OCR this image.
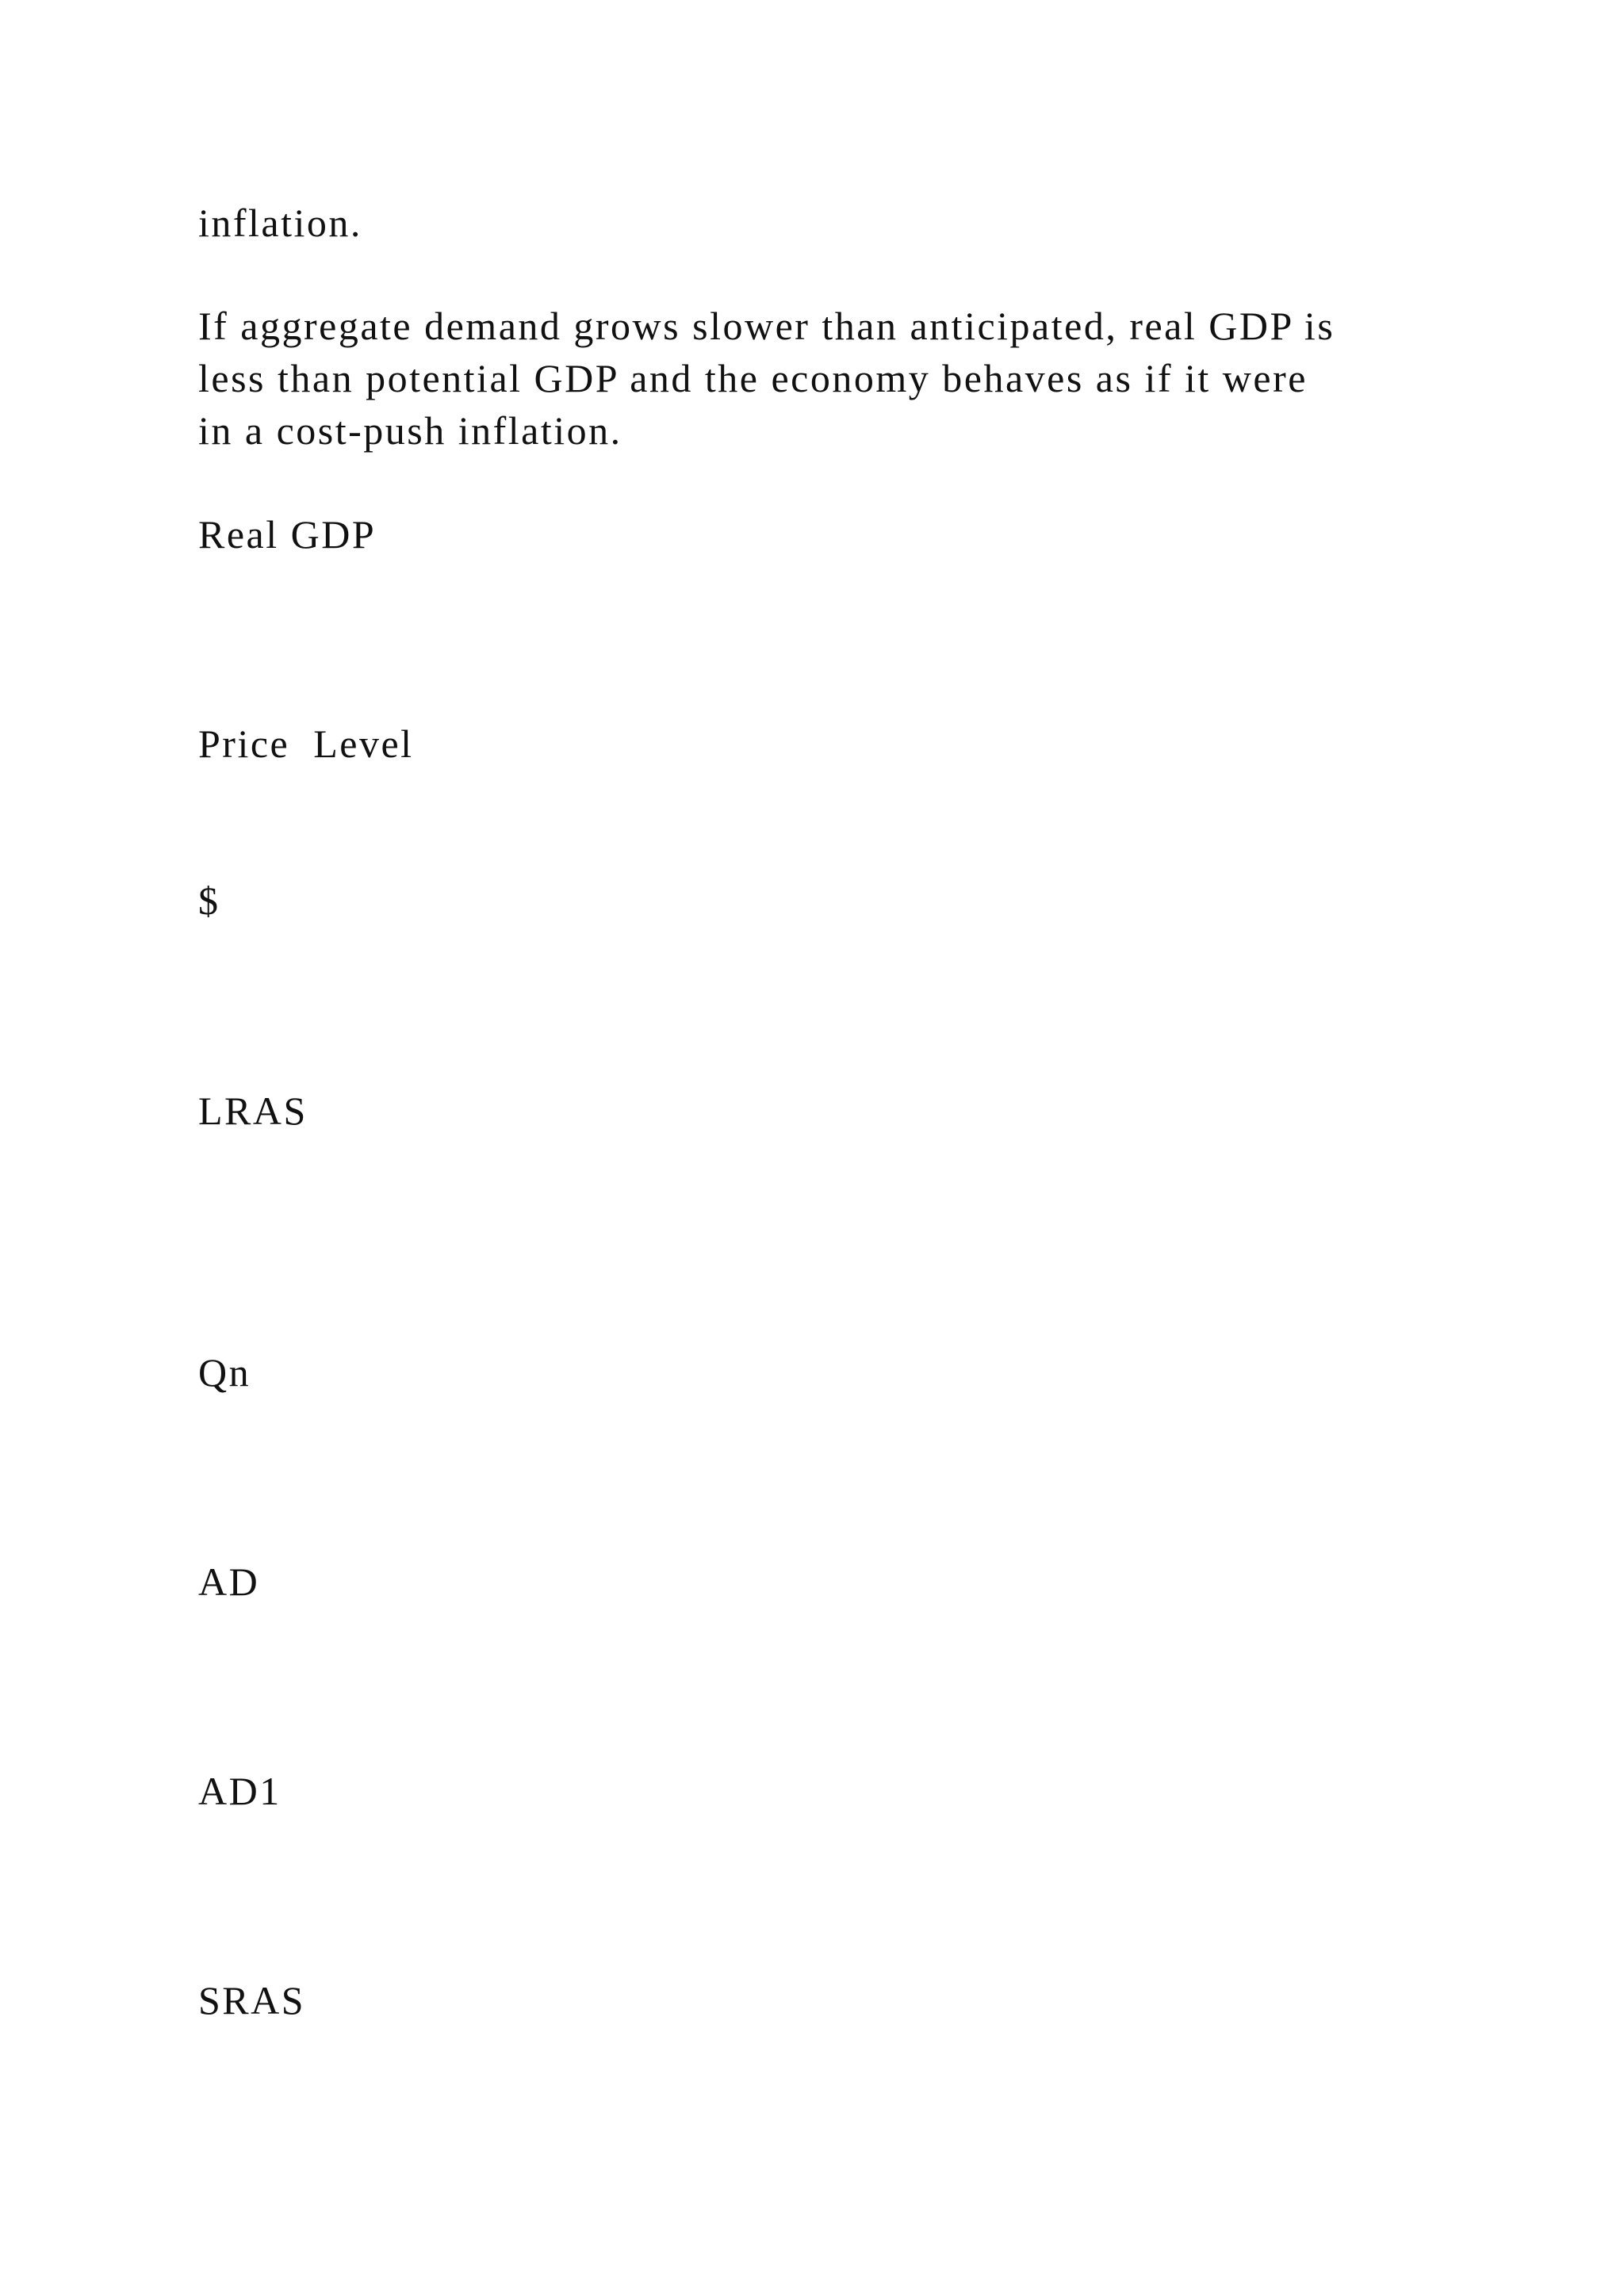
inflation.

If aggregate demand grows slower than anticipated, real GDP is

less than potential GDP and the economy behaves as if it were

in a cost-push inflation.

Real GDP

Price  Level

$

LRAS

Qn

AD

AD1

SRAS
